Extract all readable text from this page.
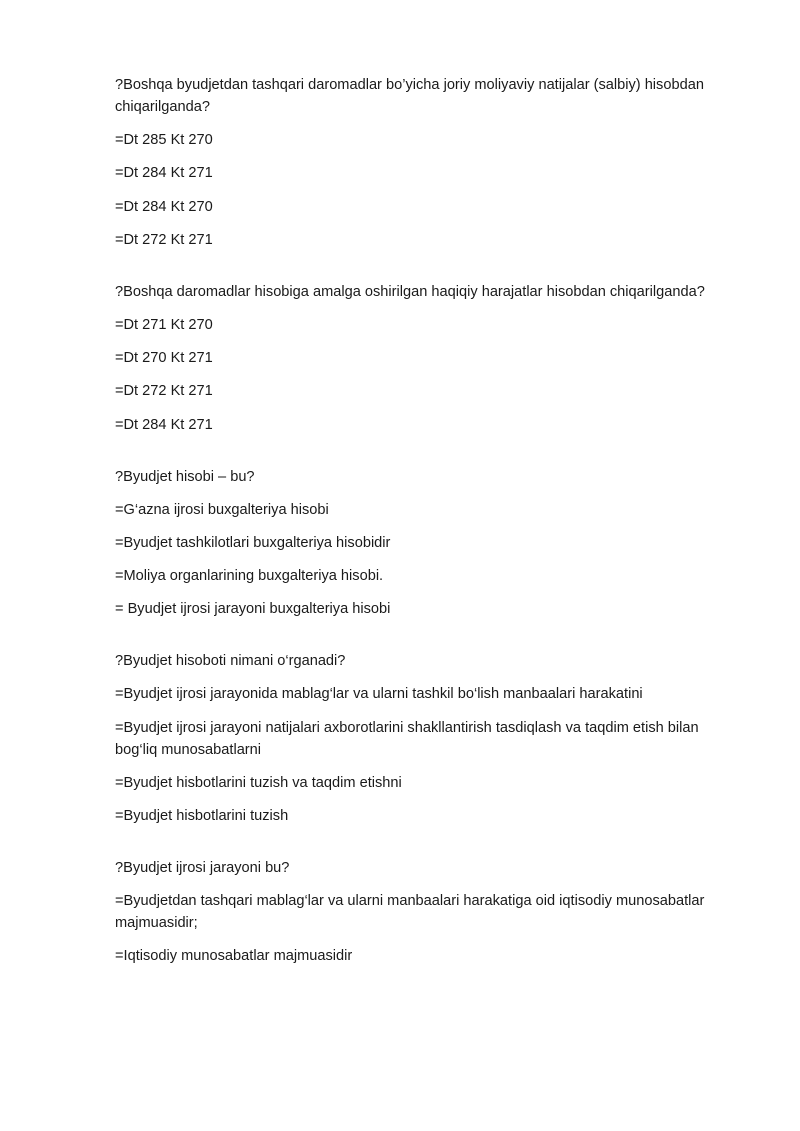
?Boshqa byudjetdan tashqari daromadlar bo’yicha joriy moliyaviy natijalar (salbiy) hisobdan chiqarilganda?
=Dt 285 Kt 270
=Dt 284 Kt 271
=Dt 284 Kt 270
=Dt 272 Kt 271
?Boshqa daromadlar hisobiga amalga oshirilgan haqiqiy harajatlar hisobdan chiqarilganda?
=Dt 271 Kt 270
=Dt 270 Kt 271
=Dt 272 Kt 271
=Dt 284 Kt 271
?Byudjet hisobi – bu?
=G‘azna ijrosi buxgalteriya hisobi
=Byudjet tashkilotlari buxgalteriya hisobidir
=Moliya organlarining buxgalteriya hisobi.
= Byudjet ijrosi jarayoni buxgalteriya hisobi
?Byudjet hisoboti nimani o‘rganadi?
=Byudjet ijrosi jarayonida mablag‘lar va ularni tashkil bo‘lish manbaalari harakatini
=Byudjet ijrosi jarayoni natijalari axborotlarini shakllantirish tasdiqlash va taqdim etish bilan bog‘liq munosabatlarni
=Byudjet hisbotlarini tuzish va taqdim etishni
=Byudjet hisbotlarini tuzish
?Byudjet ijrosi jarayoni bu?
=Byudjetdan tashqari mablag‘lar va ularni manbaalari harakatiga oid iqtisodiy munosabatlar majmuasidir;
=Iqtisodiy munosabatlar majmuasidir
